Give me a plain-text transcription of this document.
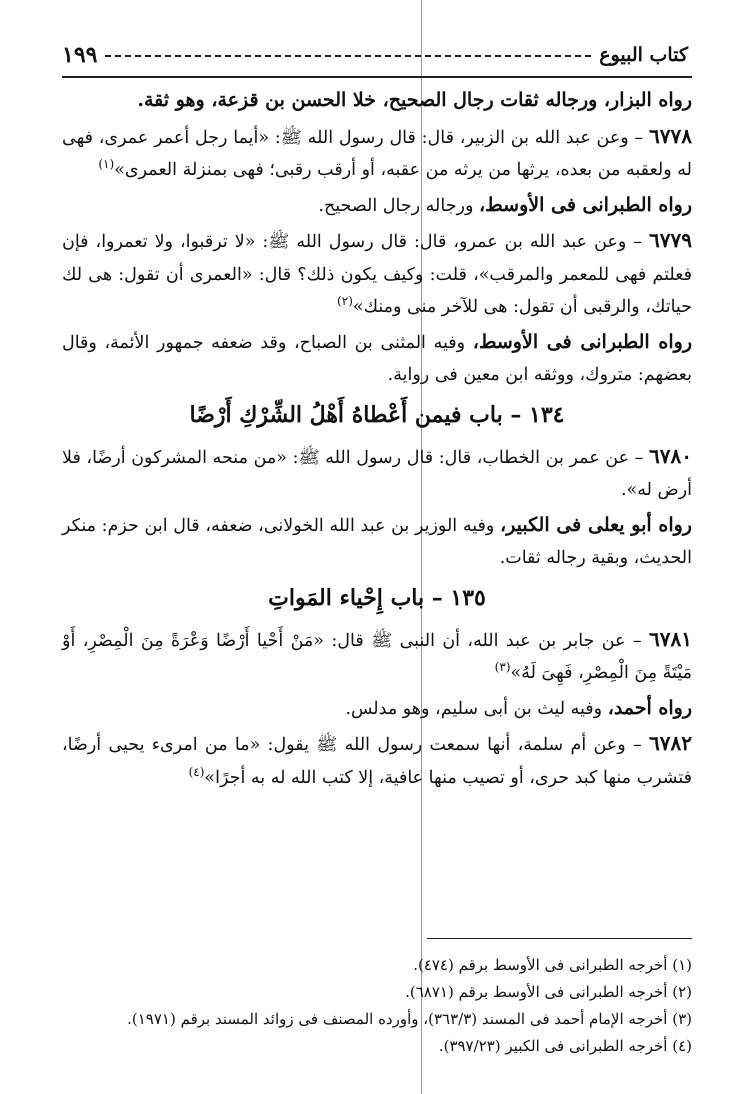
كتاب البيوع
١٩٩

رواه البزار، ورجاله ثقات رجال الصحيح، خلا الحسن بن قزعة، وهو ثقة.

٦٧٧٨ – وعن عبد الله بن الزبير، قال: قال رسول الله ﷺ: «أيما رجل أعمر عمرى، فهى له ولعقبه من بعده، يرثها من يرثه من عقبه، أو أرقب رقبى؛ فهى بمنزلة العمرى»$^{(١)}$

رواه الطبرانى فى الأوسط، ورجاله رجال الصحيح.

٦٧٧٩ – وعن عبد الله بن عمرو، قال: قال رسول الله ﷺ: «لا ترقبوا، ولا تعمروا، فإن فعلتم فهى للمعمر والمرقب»، قلت: وكيف يكون ذلك؟ قال: «العمرى أن تقول: هى لك حياتك، والرقبى أن تقول: هى للآخر منى ومنك»$^{(٢)}$

رواه الطبرانى فى الأوسط، وفيه المثنى بن الصباح، وقد ضعفه جمهور الأئمة، وقال بعضهم: متروك، ووثقه ابن معين فى رواية.

١٣٤ – باب فيمن أَعْطاهُ أَهْلُ الشِّرْكِ أَرْضًا

٦٧٨٠ – عن عمر بن الخطاب، قال: قال رسول الله ﷺ: «من منحه المشركون أرضًا، فلا أرض له».

رواه أبو يعلى فى الكبير، وفيه الوزير بن عبد الله الخولانى، ضعفه، قال ابن حزم: منكر الحديث، وبقية رجاله ثقات.

١٣٥ – باب إِحْياء المَواتِ

٦٧٨١ – عن جابر بن عبد الله، أن النبى ﷺ قال: «مَنْ أَحْيا أَرْضًا وَعْرَةً مِنَ الْمِصْرِ، أَوْ مَيْتَةً مِنَ الْمِصْرِ، فَهِىَ لَهُ»$^{(٣)}$

رواه أحمد، وفيه ليث بن أبى سليم، وهو مدلس.

٦٧٨٢ – وعن أم سلمة، أنها سمعت رسول الله ﷺ يقول: «ما من امرىء يحيى أرضًا، فتشرب منها كبد حرى، أو تصيب منها عافية، إلا كتب الله له به أجرًا»$^{(٤)}$

(١) أخرجه الطبرانى فى الأوسط برقم (٤٧٤).
(٢) أخرجه الطبرانى فى الأوسط برقم (٦٨٧١).
(٣) أخرجه الإمام أحمد فى المسند (٣٦٣/٣)، وأورده المصنف فى زوائد المسند برقم (١٩٧١).
(٤) أخرجه الطبرانى فى الكبير (٣٩٧/٢٣).
